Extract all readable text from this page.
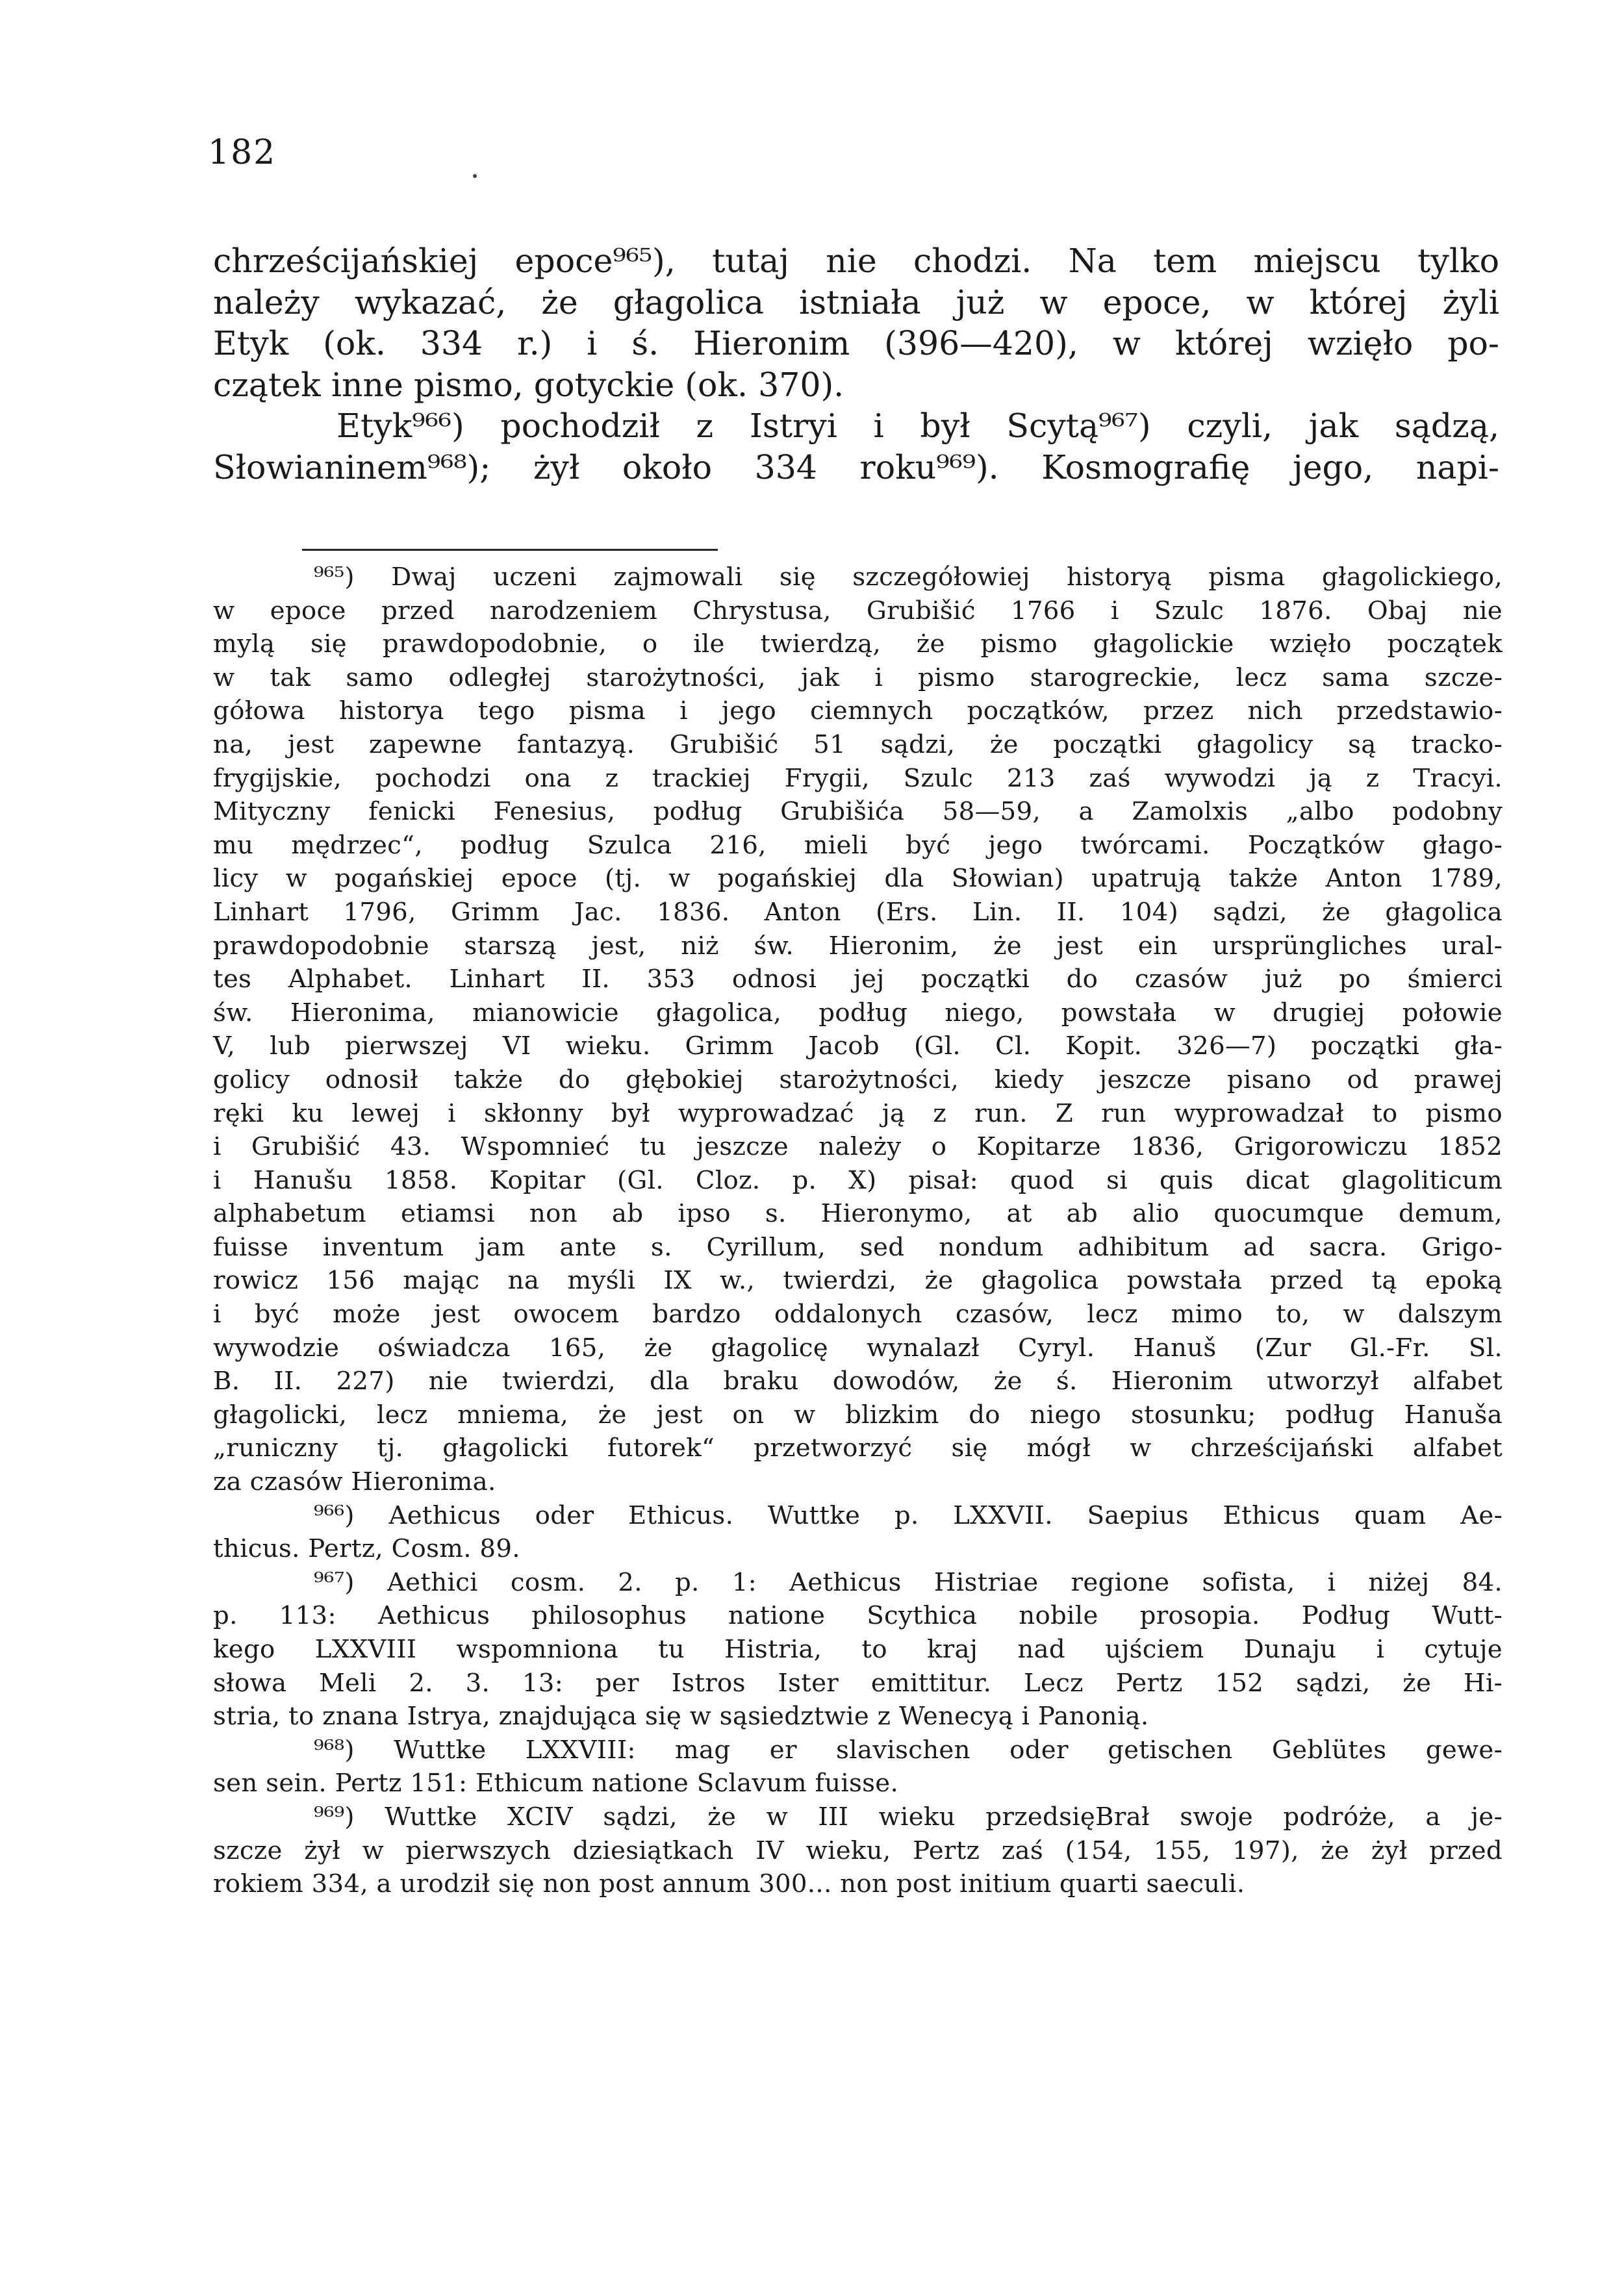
182
chrześcijańskiej epoce⁹⁶⁵), tutaj nie chodzi. Na tem miejscu tylko
należy wykazać, że głagolica istniała już w epoce, w której żyli
Etyk (ok. 334 r.) i ś. Hieronim (396—420), w której wzięło po-
czątek inne pismo, gotyckie (ok. 370).
Etyk⁹⁶⁶) pochodził z Istryi i był Scytą⁹⁶⁷) czyli, jak sądzą,
Słowianinem⁹⁶⁸); żył około 334 roku⁹⁶⁹). Kosmografię jego, napi-
⁹⁶⁵) Dwaj uczeni zajmowali się szczegółowiej historyą pisma głagolickiego,
w epoce przed narodzeniem Chrystusa, Grubišić 1766 i Szulc 1876. Obaj nie
mylą się prawdopodobnie, o ile twierdzą, że pismo głagolickie wzięło początek
w tak samo odległej starożytności, jak i pismo starogreckie, lecz sama szcze-
gółowa historya tego pisma i jego ciemnych początków, przez nich przedstawio-
na, jest zapewne fantazyą. Grubišić 51 sądzi, że początki głagolicy są tracko-
frygijskie, pochodzi ona z trackiej Frygii, Szulc 213 zaś wywodzi ją z Tracyi.
Mityczny fenicki Fenesius, podług Grubišića 58—59, a Zamolxis „albo podobny
mu mędrzec“, podług Szulca 216, mieli być jego twórcami. Początków głago-
licy w pogańskiej epoce (tj. w pogańskiej dla Słowian) upatrują także Anton 1789,
Linhart 1796, Grimm Jac. 1836. Anton (Ers. Lin. II. 104) sądzi, że głagolica
prawdopodobnie starszą jest, niż św. Hieronim, że jest ein ursprüngliches ural-
tes Alphabet. Linhart II. 353 odnosi jej początki do czasów już po śmierci
św. Hieronima, mianowicie głagolica, podług niego, powstała w drugiej połowie
V, lub pierwszej VI wieku. Grimm Jacob (Gl. Cl. Kopit. 326—7) początki gła-
golicy odnosił także do głębokiej starożytności, kiedy jeszcze pisano od prawej
ręki ku lewej i skłonny był wyprowadzać ją z run. Z run wyprowadzał to pismo
i Grubišić 43. Wspomnieć tu jeszcze należy o Kopitarze 1836, Grigorowiczu 1852
i Hanušu 1858. Kopitar (Gl. Cloz. p. X) pisał: quod si quis dicat glagoliticum
alphabetum etiamsi non ab ipso s. Hieronymo, at ab alio quocumque demum,
fuisse inventum jam ante s. Cyrillum, sed nondum adhibitum ad sacra. Grigo-
rowicz 156 mając na myśli IX w., twierdzi, że głagolica powstała przed tą epoką
i być może jest owocem bardzo oddalonych czasów, lecz mimo to, w dalszym
wywodzie oświadcza 165, że głagolicę wynalazł Cyryl. Hanuš (Zur Gl.-Fr. Sl.
B. II. 227) nie twierdzi, dla braku dowodów, że ś. Hieronim utworzył alfabet
głagolicki, lecz mniema, że jest on w blizkim do niego stosunku; podług Hanuša
„runiczny tj. głagolicki futorek“ przetworzyć się mógł w chrześcijański alfabet
za czasów Hieronima.
⁹⁶⁶) Aethicus oder Ethicus. Wuttke p. LXXVII. Saepius Ethicus quam Ae-
thicus. Pertz, Cosm. 89.
⁹⁶⁷) Aethici cosm. 2. p. 1: Aethicus Histriae regione sofista, i niżej 84.
p. 113: Aethicus philosophus natione Scythica nobile prosopia. Podług Wutt-
kego LXXVIII wspomniona tu Histria, to kraj nad ujściem Dunaju i cytuje
słowa Meli 2. 3. 13: per Istros Ister emittitur. Lecz Pertz 152 sądzi, że Hi-
stria, to znana Istrya, znajdująca się w sąsiedztwie z Wenecyą i Panonią.
⁹⁶⁸) Wuttke LXXVIII: mag er slavischen oder getischen Geblütes gewe-
sen sein. Pertz 151: Ethicum natione Sclavum fuisse.
⁹⁶⁹) Wuttke XCIV sądzi, że w III wieku przedsięBrał swoje podróże, a je-
szcze żył w pierwszych dziesiątkach IV wieku, Pertz zaś (154, 155, 197), że żył przed
rokiem 334, a urodził się non post annum 300... non post initium quarti saeculi.
